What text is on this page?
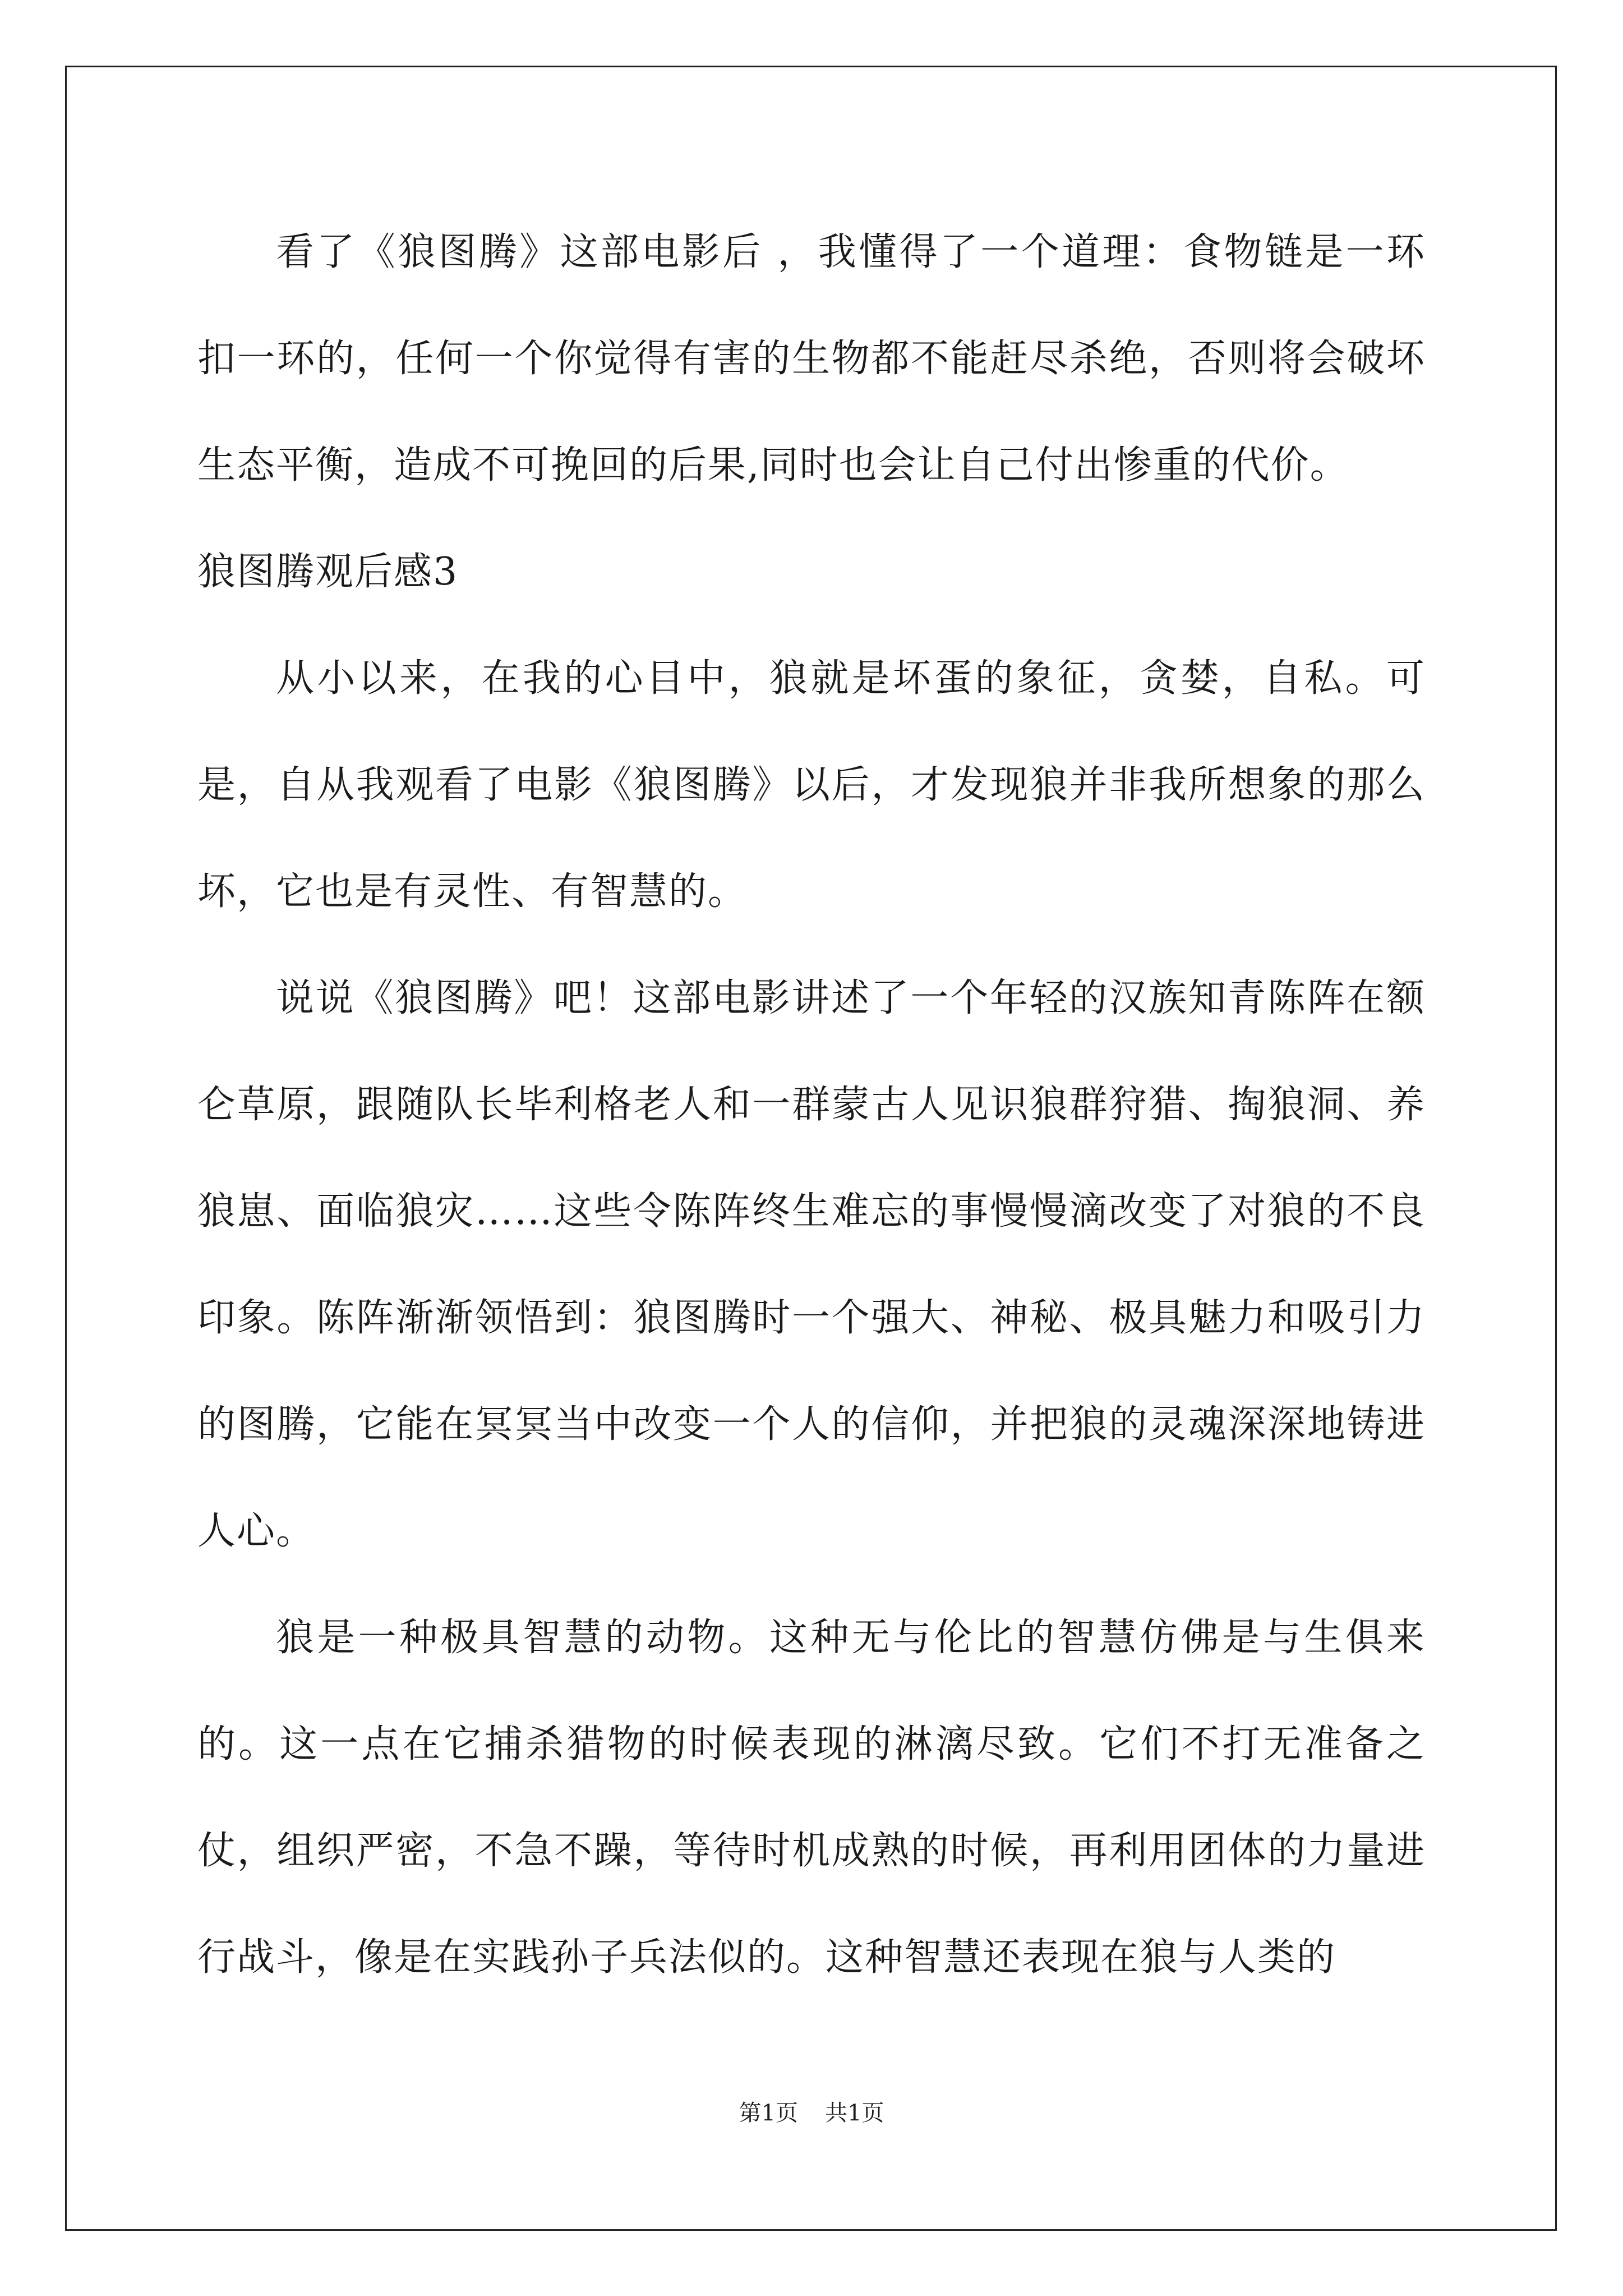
看了《狼图腾》这部电影后 ，我懂得了一个道理：食物链是一环扣一环的，任何一个你觉得有害的生物都不能赶尽杀绝，否则将会破坏生态平衡，造成不可挽回的后果,同时也会让自己付出惨重的代价。

狼图腾观后感3

从小以来，在我的心目中，狼就是坏蛋的象征，贪婪，自私。可是，自从我观看了电影《狼图腾》以后，才发现狼并非我所想象的那么坏，它也是有灵性、有智慧的。

说说《狼图腾》吧！这部电影讲述了一个年轻的汉族知青陈阵在额仑草原，跟随队长毕利格老人和一群蒙古人见识狼群狩猎、掏狼洞、养狼崽、面临狼灾……这些令陈阵终生难忘的事慢慢滴改变了对狼的不良印象。陈阵渐渐领悟到：狼图腾时一个强大、神秘、极具魅力和吸引力的图腾，它能在冥冥当中改变一个人的信仰，并把狼的灵魂深深地铸进人心。

狼是一种极具智慧的动物。这种无与伦比的智慧仿佛是与生俱来的。这一点在它捕杀猎物的时候表现的淋漓尽致。它们不打无准备之仗，组织严密，不急不躁，等待时机成熟的时候，再利用团体的力量进行战斗，像是在实践孙子兵法似的。这种智慧还表现在狼与人类的

第1页 共1页
